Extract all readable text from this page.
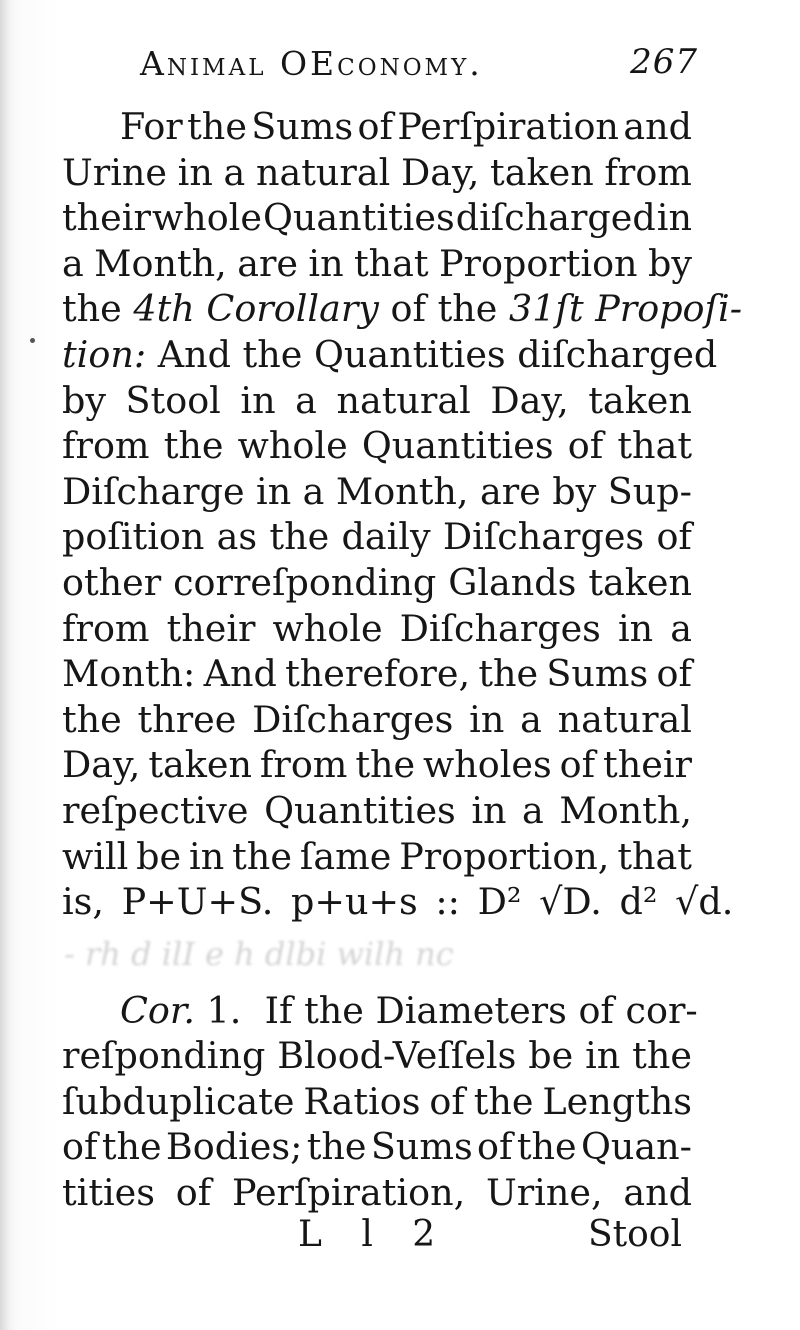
- rh d ilI e h dlbi wilh nc
Animal OEconomy.	267
For the Sums of Perſpiration and
Urine in a natural Day, taken from
their whole Quantities diſcharged in
a Month, are in that Proportion by
the 4th Corollary of the 31ſt Propoſi-
tion: And the Quantities diſcharged
by Stool in a natural Day, taken
from the whole Quantities of that
Diſcharge in a Month, are by Sup-
poſition as the daily Diſcharges of
other correſponding Glands taken
from their whole Diſcharges in a
Month: And therefore, the Sums of
the three Diſcharges in a natural
Day, taken from the wholes of their
reſpective Quantities in a Month,
will be in the ſame Proportion, that
is, P+U+S. p+u+s :: D² √D. d² √d.
Cor. 1.  If the Diameters of cor-
reſponding Blood-Veſſels be in the
ſubduplicate Ratios of the Lengths
of the Bodies; the Sums of the Quan-
tities of Perſpiration, Urine, and
L l 2	Stool
